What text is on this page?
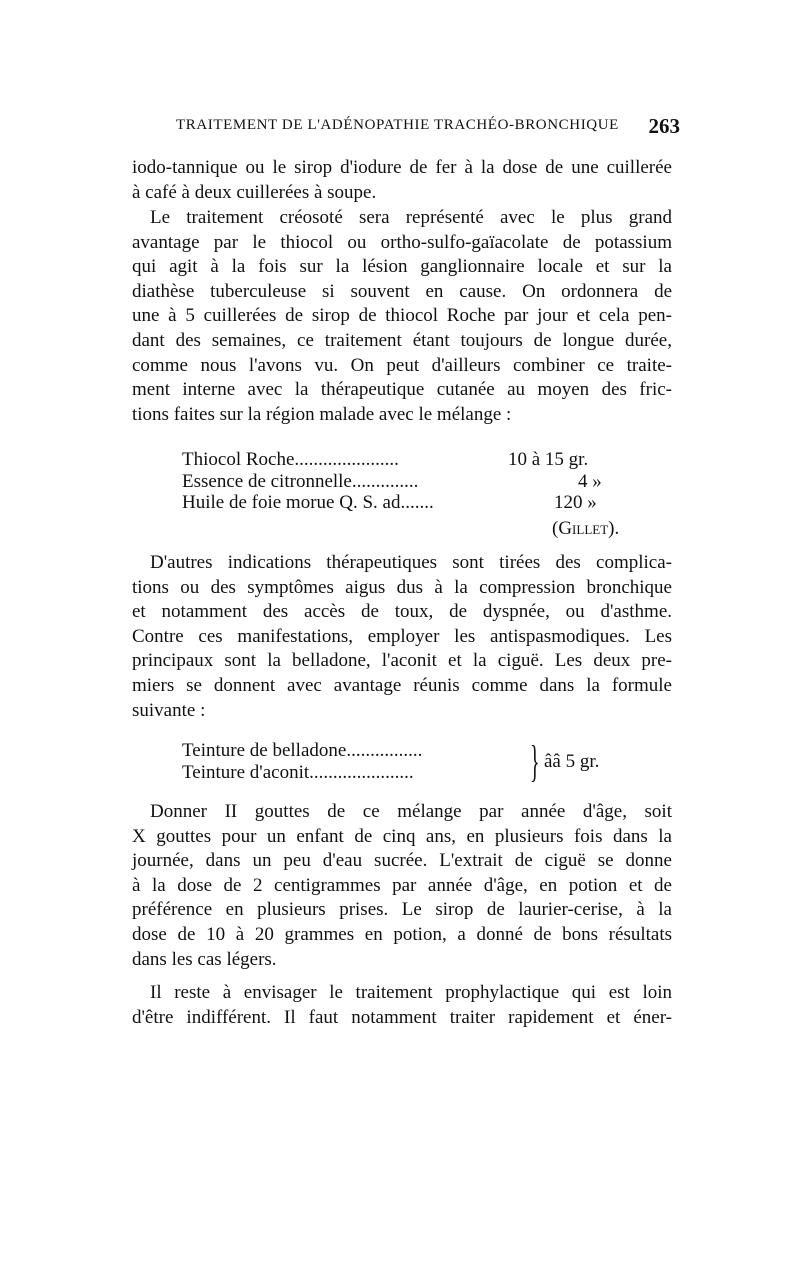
TRAITEMENT DE L'ADÉNOPATHIE TRACHÉO-BRONCHIQUE 263

iodo-tannique ou le sirop d'iodure de fer à la dose de une cuillerée

à café à deux cuillerées à soupe.

Le traitement créosoté sera représenté avec le plus grand

avantage par le thiocol ou ortho-sulfo-gaïacolate de potassium

qui agit à la fois sur la lésion ganglionnaire locale et sur la

diathèse tuberculeuse si souvent en cause. On ordonnera de

une à 5 cuillerées de sirop de thiocol Roche par jour et cela pen-

dant des semaines, ce traitement étant toujours de longue durée,

comme nous l'avons vu. On peut d'ailleurs combiner ce traite-

ment interne avec la thérapeutique cutanée au moyen des fric-

tions faites sur la région malade avec le mélange :

Thiocol Roche......................	10 à 15 gr.
Essence de citronnelle..............	4 »
Huile de foie morue Q. S. ad.......	120 »
(Gillet).

D'autres indications thérapeutiques sont tirées des complica-

tions ou des symptômes aigus dus à la compression bronchique

et notamment des accès de toux, de dyspnée, ou d'asthme.

Contre ces manifestations, employer les antispasmodiques. Les

principaux sont la belladone, l'aconit et la ciguë. Les deux pre-

miers se donnent avec avantage réunis comme dans la formule

suivante :

Teinture de belladone................
Teinture d'aconit......................	} ââ 5 gr.

Donner II gouttes de ce mélange par année d'âge, soit

X gouttes pour un enfant de cinq ans, en plusieurs fois dans la

journée, dans un peu d'eau sucrée. L'extrait de ciguë se donne

à la dose de 2 centigrammes par année d'âge, en potion et de

préférence en plusieurs prises. Le sirop de laurier-cerise, à la

dose de 10 à 20 grammes en potion, a donné de bons résultats

dans les cas légers.

Il reste à envisager le traitement prophylactique qui est loin

d'être indifférent. Il faut notamment traiter rapidement et éner-
